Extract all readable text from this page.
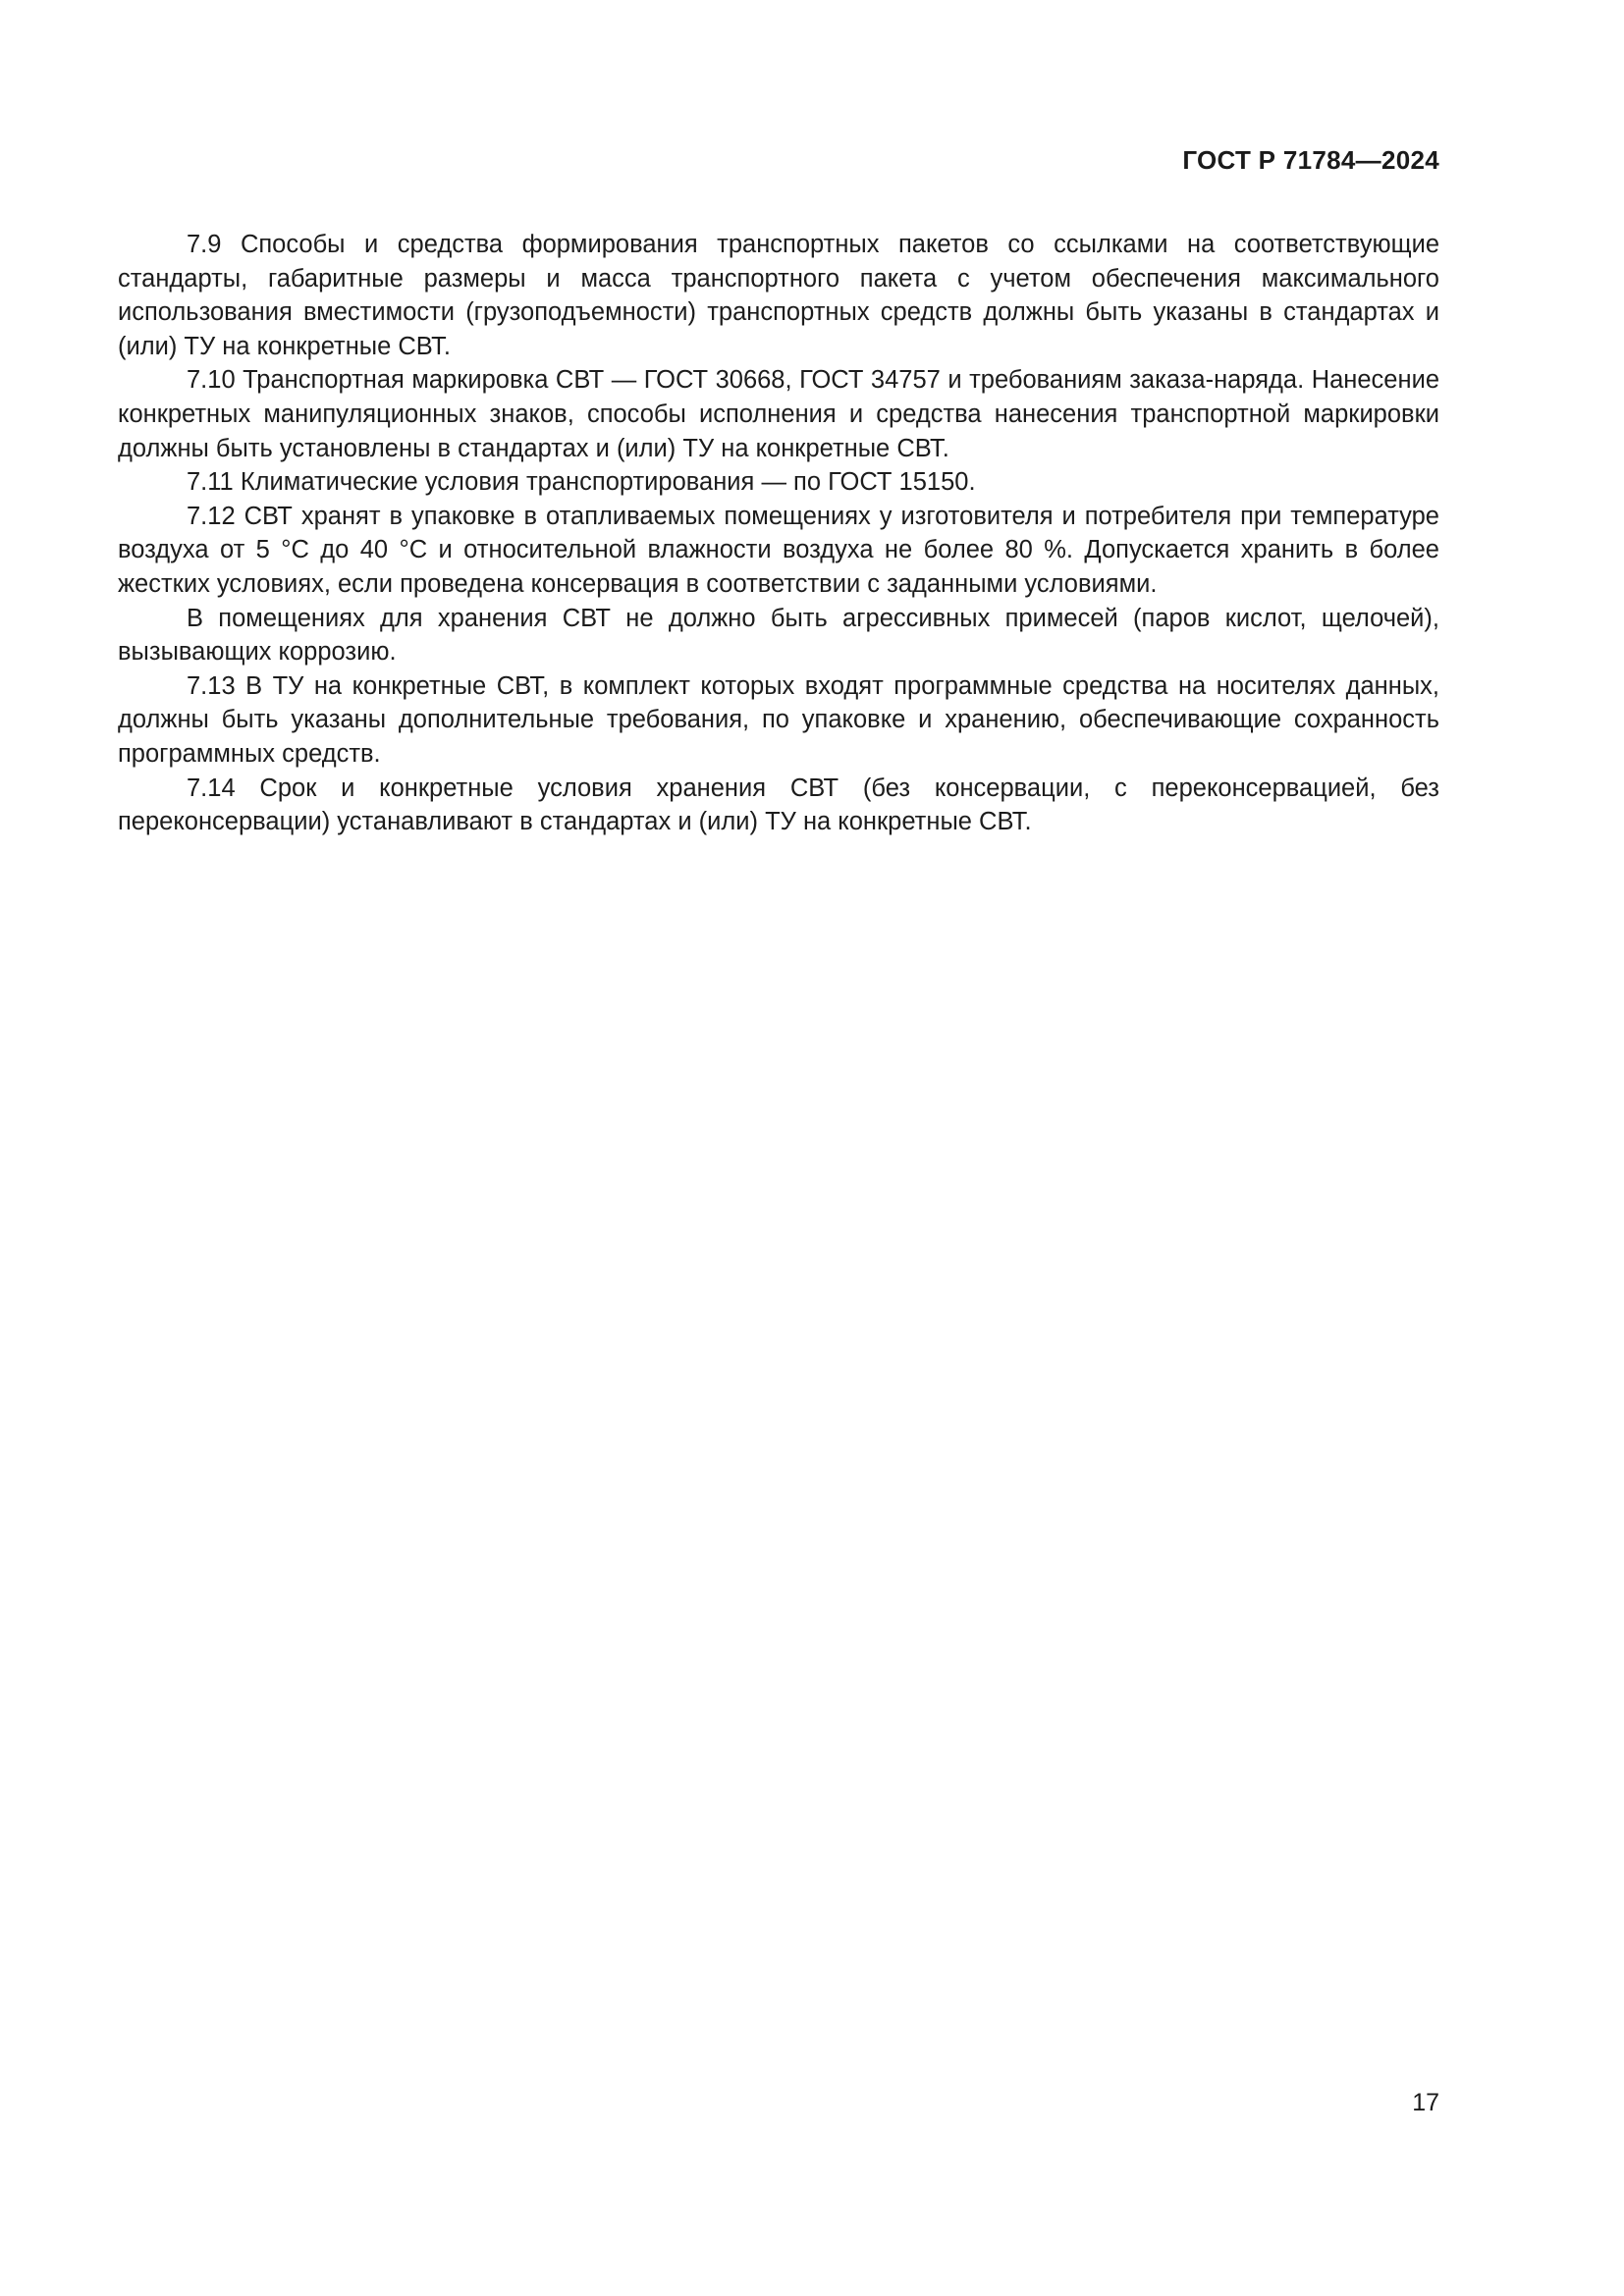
ГОСТ Р 71784—2024

7.9 Способы и средства формирования транспортных пакетов со ссылками на соответствующие стандарты, габаритные размеры и масса транспортного пакета с учетом обеспечения максимального использования вместимости (грузоподъемности) транспортных средств должны быть указаны в стандартах и (или) ТУ на конкретные СВТ.

7.10 Транспортная маркировка СВТ — ГОСТ 30668, ГОСТ 34757 и требованиям заказа-наряда. Нанесение конкретных манипуляционных знаков, способы исполнения и средства нанесения транспортной маркировки должны быть установлены в стандартах и (или) ТУ на конкретные СВТ.

7.11 Климатические условия транспортирования — по ГОСТ 15150.

7.12 СВТ хранят в упаковке в отапливаемых помещениях у изготовителя и потребителя при температуре воздуха от 5 °С до 40 °С и относительной влажности воздуха не более 80 %. Допускается хранить в более жестких условиях, если проведена консервация в соответствии с заданными условиями.

В помещениях для хранения СВТ не должно быть агрессивных примесей (паров кислот, щелочей), вызывающих коррозию.

7.13 В ТУ на конкретные СВТ, в комплект которых входят программные средства на носителях данных, должны быть указаны дополнительные требования, по упаковке и хранению, обеспечивающие сохранность программных средств.

7.14 Срок и конкретные условия хранения СВТ (без консервации, с переконсервацией, без переконсервации) устанавливают в стандартах и (или) ТУ на конкретные СВТ.

17
